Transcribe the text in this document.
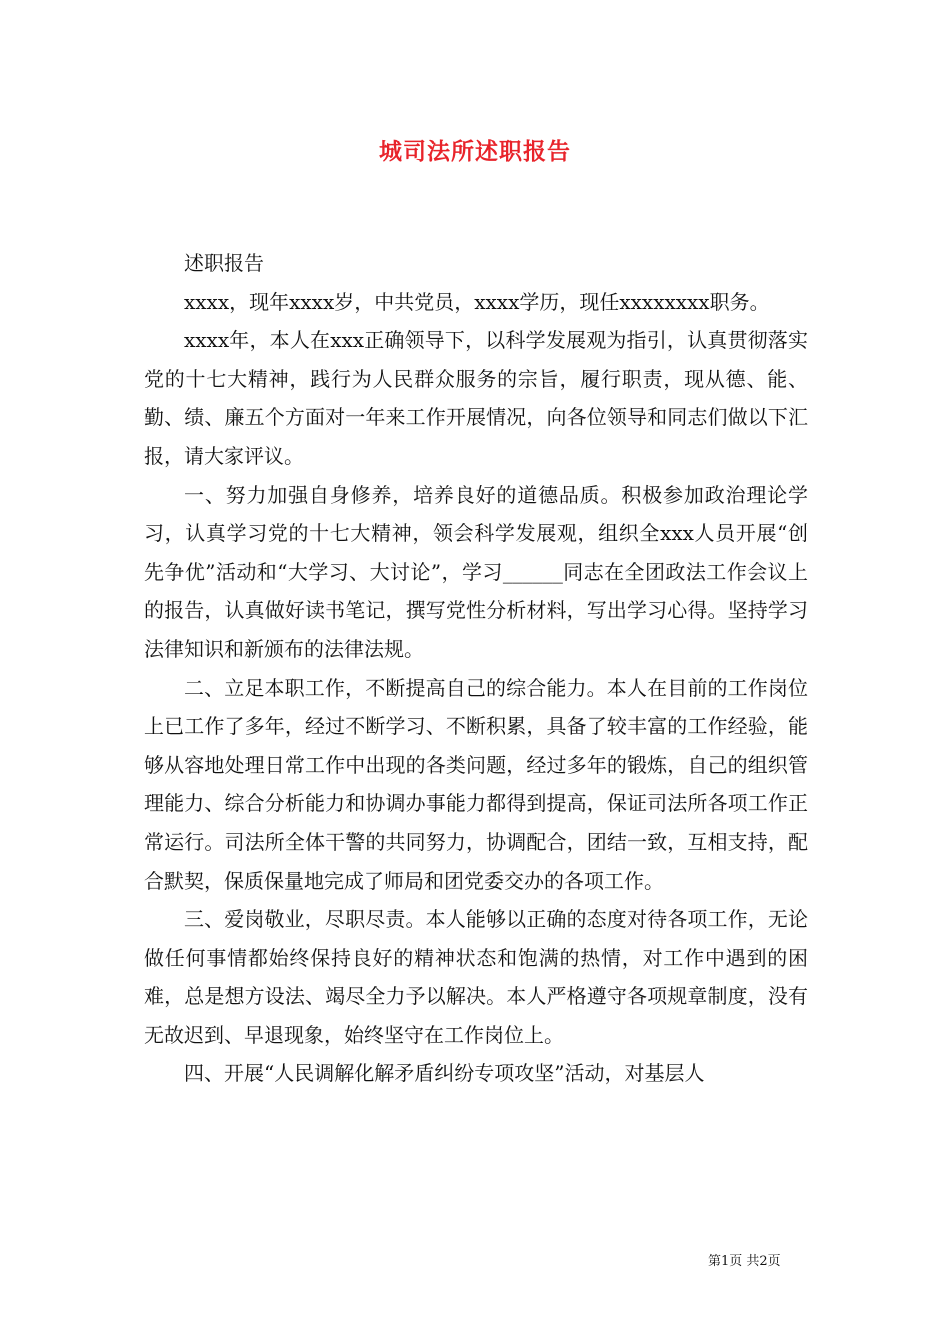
城司法所述职报告

述职报告

xxxx，现年xxxx岁，中共党员，xxxx学历，现任xxxxxxxx职务。

xxxx年，本人在xxx正确领导下，以科学发展观为指引，认真贯彻落实党的十七大精神，践行为人民群众服务的宗旨，履行职责，现从德、能、勤、绩、廉五个方面对一年来工作开展情况，向各位领导和同志们做以下汇报，请大家评议。

一、努力加强自身修养，培养良好的道德品质。积极参加政治理论学习，认真学习党的十七大精神，领会科学发展观，组织全xxx人员开展“创先争优”活动和“大学习、大讨论”，学习______同志在全团政法工作会议上的报告，认真做好读书笔记，撰写党性分析材料，写出学习心得。坚持学习法律知识和新颁布的法律法规。

二、立足本职工作，不断提高自己的综合能力。本人在目前的工作岗位上已工作了多年，经过不断学习、不断积累，具备了较丰富的工作经验，能够从容地处理日常工作中出现的各类问题，经过多年的锻炼，自己的组织管理能力、综合分析能力和协调办事能力都得到提高，保证司法所各项工作正常运行。司法所全体干警的共同努力，协调配合，团结一致，互相支持，配合默契，保质保量地完成了师局和团党委交办的各项工作。

三、爱岗敬业，尽职尽责。本人能够以正确的态度对待各项工作，无论做任何事情都始终保持良好的精神状态和饱满的热情，对工作中遇到的困难，总是想方设法、竭尽全力予以解决。本人严格遵守各项规章制度，没有无故迟到、早退现象，始终坚守在工作岗位上。

四、开展“人民调解化解矛盾纠纷专项攻坚”活动，对基层人

第1页 共2页
